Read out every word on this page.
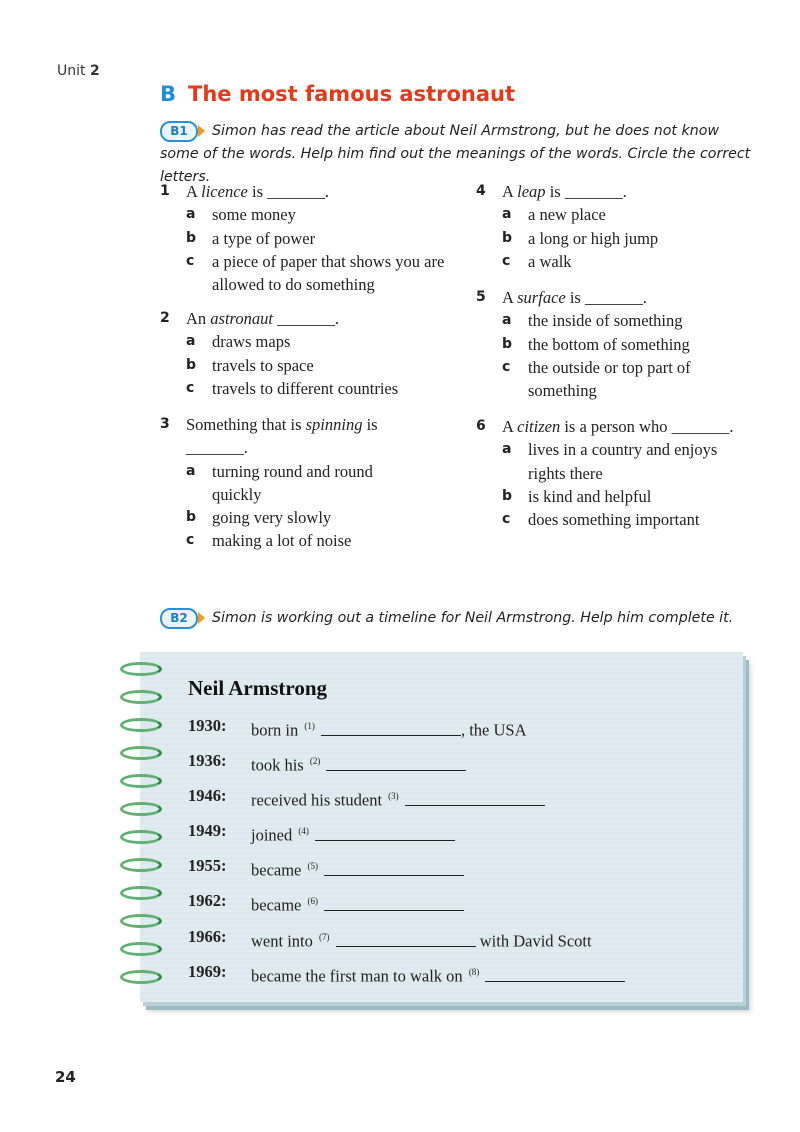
Unit 2
B The most famous astronaut
B1 Simon has read the article about Neil Armstrong, but he does not know some of the words. Help him find out the meanings of the words. Circle the correct letters.
1 A licence is _______.
a some money
b a type of power
c a piece of paper that shows you are allowed to do something
2 An astronaut _______.
a draws maps
b travels to space
c travels to different countries
3 Something that is spinning is _______.
a turning round and round quickly
b going very slowly
c making a lot of noise
4 A leap is _______.
a a new place
b a long or high jump
c a walk
5 A surface is _______.
a the inside of something
b the bottom of something
c the outside or top part of something
6 A citizen is a person who _______.
a lives in a country and enjoys rights there
b is kind and helpful
c does something important
B2 Simon is working out a timeline for Neil Armstrong. Help him complete it.
Neil Armstrong
1930:	born in $^{(1)}$	, the USA
1936:	took his $^{(2)}$
1946:	received his student $^{(3)}$
1949:	joined $^{(4)}$
1955:	became $^{(5)}$
1962:	became $^{(6)}$
1966:	went into $^{(7)}$	with David Scott
1969:	became the first man to walk on $^{(8)}$
24
